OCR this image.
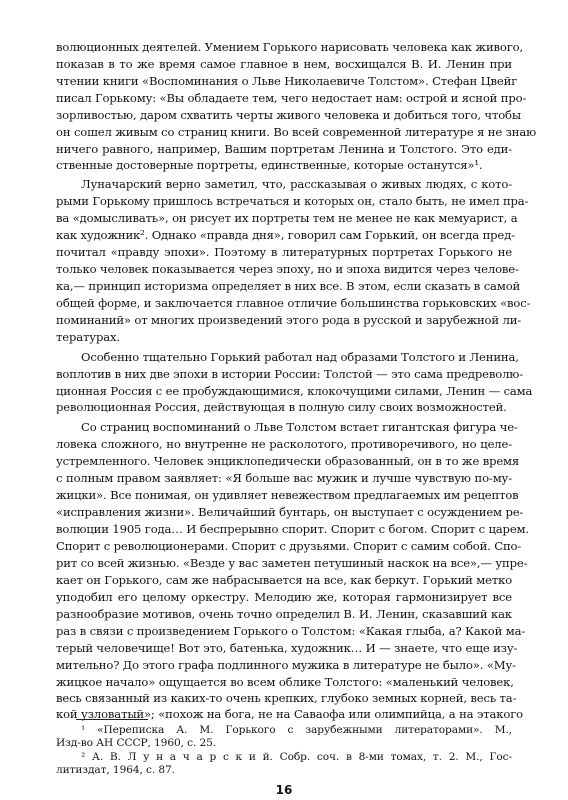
волюционных деятелей. Умением Горького нарисовать человека как живого,
показав в то же время самое главное в нем, восхищался В. И. Ленин при
чтении книги «Воспоминания о Льве Николаевиче Толстом». Стефан Цвейг
писал Горькому: «Вы обладаете тем, чего недостает нам: острой и ясной про-
зорливостью, даром схватить черты живого человека и добиться того, чтобы
он сошел живым со страниц книги. Во всей современной литературе я не знаю
ничего равного, например, Вашим портретам Ленина и Толстого. Это еди-
ственные достоверные портреты, единственные, которые останутся»¹.
Луначарский верно заметил, что, рассказывая о живых людях, с кото-
рыми Горькому пришлось встречаться и которых он, стало быть, не имел пра-
ва «домысливать», он рисует их портреты тем не менее не как мемуарист, а
как художник². Однако «правда дня», говорил сам Горький, он всегда пред-
почитал «правду эпохи». Поэтому в литературных портретах Горького не
только человек показывается через эпоху, но и эпоха видится через челове-
ка,— принцип историзма определяет в них все. В этом, если сказать в самой
общей форме, и заключается главное отличие большинства горьковских «вос-
поминаний» от многих произведений этого рода в русской и зарубежной ли-
тературах.
Особенно тщательно Горький работал над образами Толстого и Ленина,
воплотив в них две эпохи в истории России: Толстой — это сама предреволю-
ционная Россия с ее пробуждающимися, клокочущими силами, Ленин — сама
революционная Россия, действующая в полную силу своих возможностей.
Со страниц воспоминаний о Льве Толстом встает гигантская фигура че-
ловека сложного, но внутренне не расколотого, противоречивого, но целе-
устремленного. Человек энциклопедически образованный, он в то же время
с полным правом заявляет: «Я больше вас мужик и лучше чувствую по-му-
жицки». Все понимая, он удивляет невежеством предлагаемых им рецептов
«исправления жизни». Величайший бунтарь, он выступает с осуждением ре-
волюции 1905 года… И беспрерывно спорит. Спорит с богом. Спорит с царем.
Спорит с революционерами. Спорит с друзьями. Спорит с самим собой. Спо-
рит со всей жизнью. «Везде у вас заметен петушиный наскок на все»,— упре-
кает он Горького, сам же набрасывается на все, как беркут. Горький метко
уподобил его целому оркестру. Мелодию же, которая гармонизирует все
разнообразие мотивов, очень точно определил В. И. Ленин, сказавший как
раз в связи с произведением Горького о Толстом: «Какая глыба, а? Какой ма-
терый человечище! Вот это, батенька, художник… И — знаете, что еще изу-
мительно? До этого графа подлинного мужика в литературе не было». «Му-
жицкое начало» ощущается во всем облике Толстого: «маленький человек,
весь связанный из каких-то очень крепких, глубоко земных корней, весь та-
кой узловатый»; «похож на бога, не на Саваофа или олимпийца, а на этакого
¹ «Переписка А. М. Горького с зарубежными литераторами». М.,
Изд-во АН СССР, 1960, с. 25.
² А. В. Л у н а ч а р с к и й. Собр. соч. в 8-ми томах, т. 2. М., Гос-
литиздат, 1964, с. 87.
16
